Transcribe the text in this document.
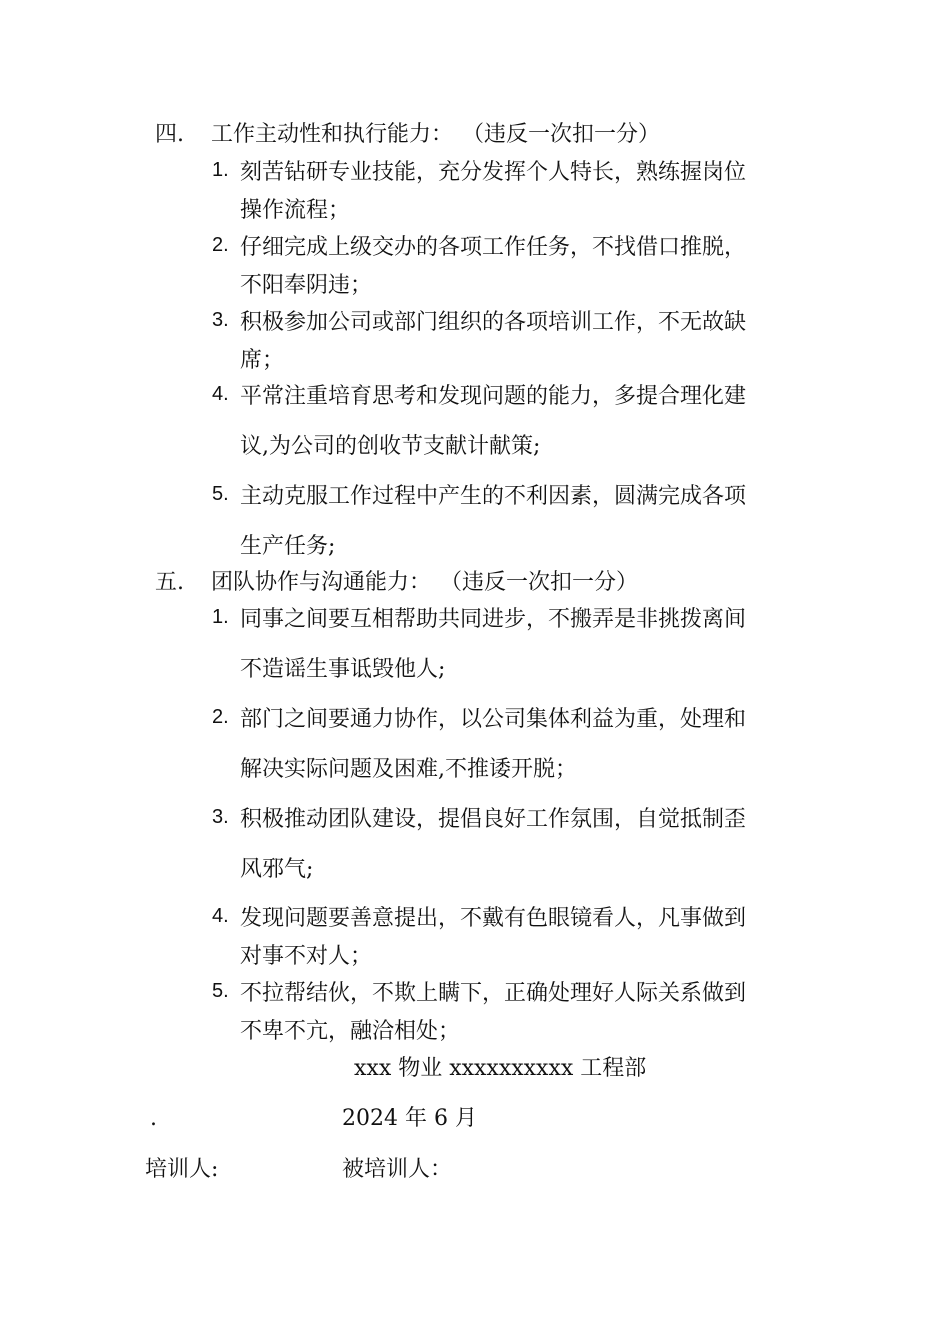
四. 工作主动性和执行能力： （违反一次扣一分）
1. 刻苦钻研专业技能，充分发挥个人特长，熟练握岗位
操作流程；
2. 仔细完成上级交办的各项工作任务，不找借口推脱，
不阳奉阴违；
3. 积极参加公司或部门组织的各项培训工作，不无故缺
席；
4. 平常注重培育思考和发现问题的能力，多提合理化建
议,为公司的创收节支献计献策;
5. 主动克服工作过程中产生的不利因素，圆满完成各项
生产任务;
五. 团队协作与沟通能力： （违反一次扣一分）
1. 同事之间要互相帮助共同进步，不搬弄是非挑拨离间
不造谣生事诋毁他人;
2. 部门之间要通力协作，以公司集体利益为重，处理和
解决实际问题及困难,不推诿开脱；
3. 积极推动团队建设，提倡良好工作氛围，自觉抵制歪
风邪气;
4. 发现问题要善意提出，不戴有色眼镜看人，凡事做到
对事不对人；
5. 不拉帮结伙，不欺上瞒下，正确处理好人际关系做到
不卑不亢，融洽相处；
xxx 物业 xxxxxxxxxx 工程部
.	2024 年 6 月
培训人:	被培训人：
